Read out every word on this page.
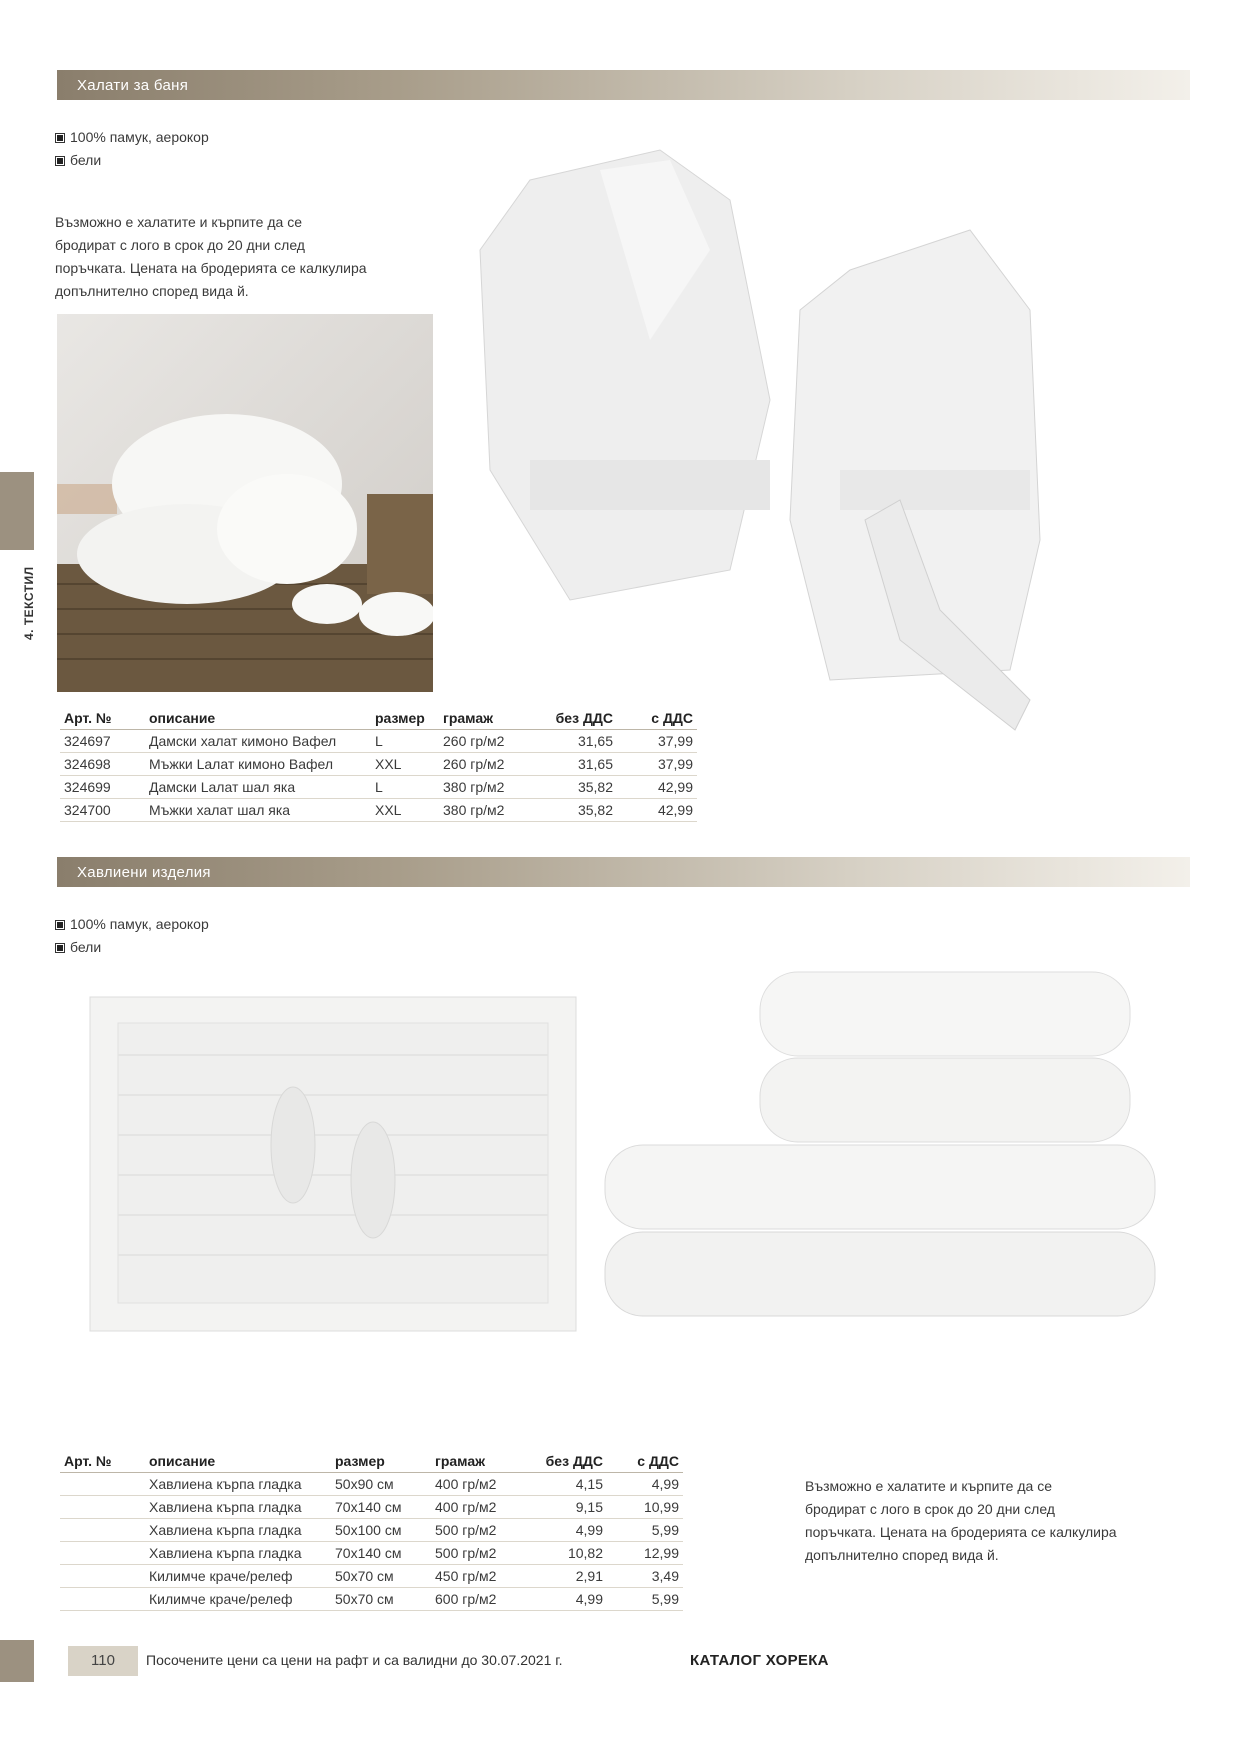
4. ТЕКСТИЛ
Халати за баня
100% памук, аерокор
бели
Възможно е халатите и кърпите да се
бродират с лого в срок до 20 дни след
поръчката. Цената на бродерията се калкулира
допълнително според вида й.
Арт. №	описание	размер	грамаж	без ДДС	с ДДС
324697	Дамски халат кимоно Вафел	L	260 гр/м2	31,65	37,99
324698	Мъжки Lалат кимоно Вафел	XXL	260 гр/м2	31,65	37,99
324699	Дамски Lалат шал яка	L	380 гр/м2	35,82	42,99
324700	Мъжки халат шал яка	XXL	380 гр/м2	35,82	42,99
Хавлиени изделия
100% памук, аерокор
бели
Арт. №	описание	размер	грамаж	без ДДС	с ДДС
	Хавлиена кърпа гладка	50х90 см	400 гр/м2	4,15	4,99
	Хавлиена кърпа гладка	70х140 см	400 гр/м2	9,15	10,99
	Хавлиена кърпа гладка	50х100 см	500 гр/м2	4,99	5,99
	Хавлиена кърпа гладка	70х140 см	500 гр/м2	10,82	12,99
	Килимче краче/релеф	50х70 см	450 гр/м2	2,91	3,49
	Килимче краче/релеф	50х70 см	600 гр/м2	4,99	5,99
Възможно е халатите и кърпите да се
бродират с лого в срок до 20 дни след
поръчката. Цената на бродерията се калкулира
допълнително според вида й.
110	Посочените цени са цени на рафт и са валидни до 30.07.2021 г.	КАТАЛОГ ХОРЕКА
